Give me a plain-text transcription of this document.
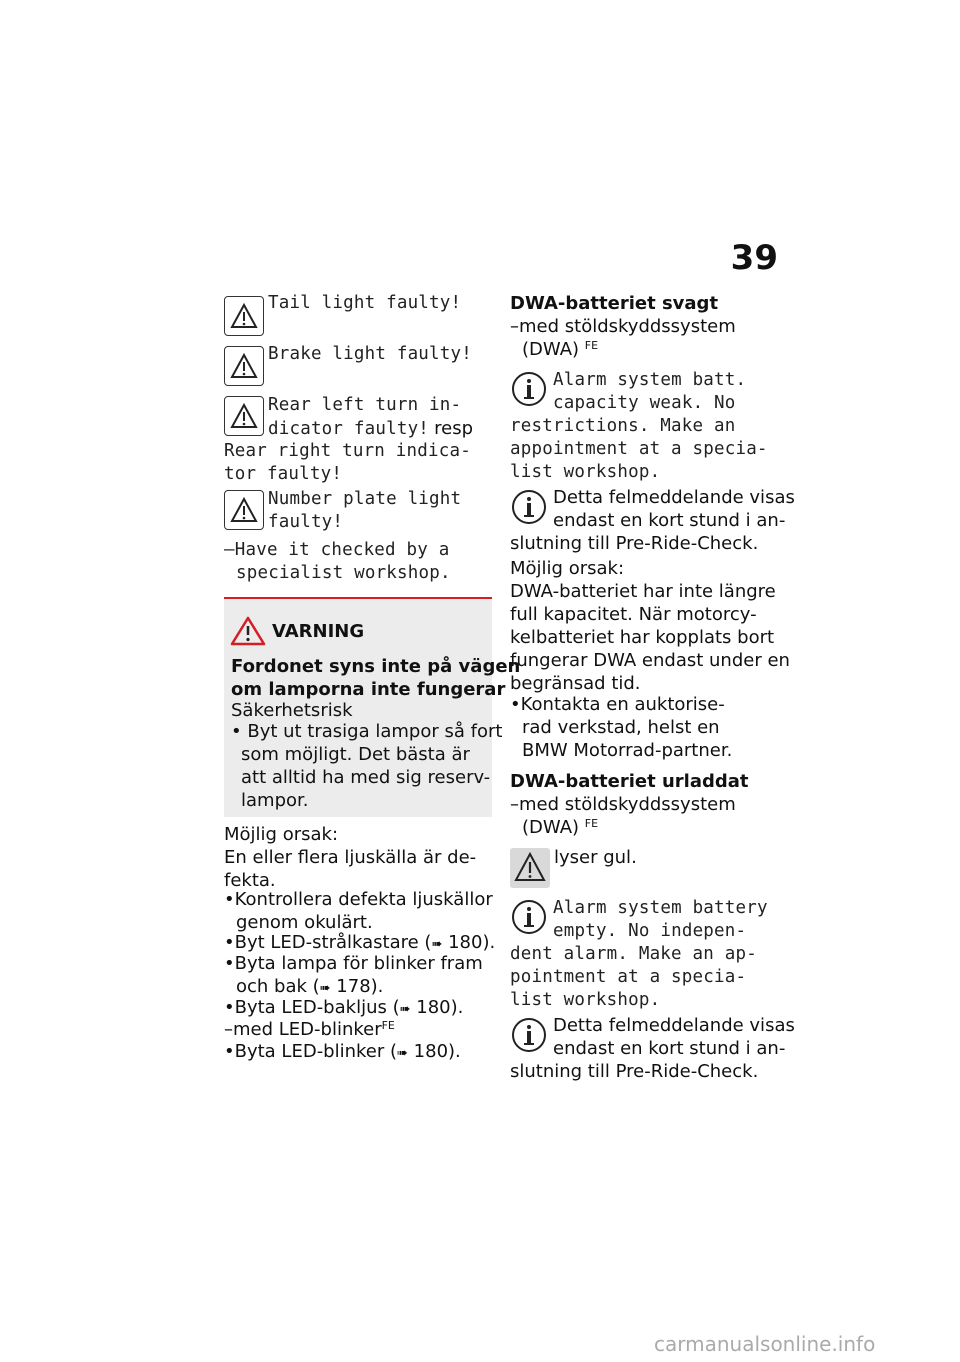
39
Tail light faulty!
Brake light faulty!
Rear left turn in-
dicator faulty! resp
Rear right turn indica-
tor faulty!
Number plate light
faulty!
–Have it checked by a
specialist workshop.
VARNING
Fordonet syns inte på vägen
om lamporna inte fungerar
Säkerhetsrisk
• Byt ut trasiga lampor så fort
som möjligt. Det bästa är
att alltid ha med sig reserv-
lampor.
Möjlig orsak:
En eller flera ljuskälla är de-
fekta.
•Kontrollera defekta ljuskällor
genom okulärt.
•Byt LED-strålkastare (➠ 180).
•Byta lampa för blinker fram
och bak (➠ 178).
•Byta LED-bakljus (➠ 180).
–med LED-blinker$^{FE}$
•Byta LED-blinker (➠ 180).
DWA-batteriet svagt
–med stöldskyddssystem
(DWA) $^{FE}$
Alarm system batt.
capacity weak. No
restrictions. Make an
appointment at a specia-
list workshop.
Detta felmeddelande visas
endast en kort stund i an-
slutning till Pre-Ride-Check.
Möjlig orsak:
DWA-batteriet har inte längre
full kapacitet. När motorcy-
kelbatteriet har kopplats bort
fungerar DWA endast under en
begränsad tid.
•Kontakta en auktorise-
rad verkstad, helst en
BMW Motorrad-partner.
DWA-batteriet urladdat
–med stöldskyddssystem
(DWA) $^{FE}$
lyser gul.
Alarm system battery
empty. No indepen-
dent alarm. Make an ap-
pointment at a specia-
list workshop.
Detta felmeddelande visas
endast en kort stund i an-
slutning till Pre-Ride-Check.
carmanualsonline.info
